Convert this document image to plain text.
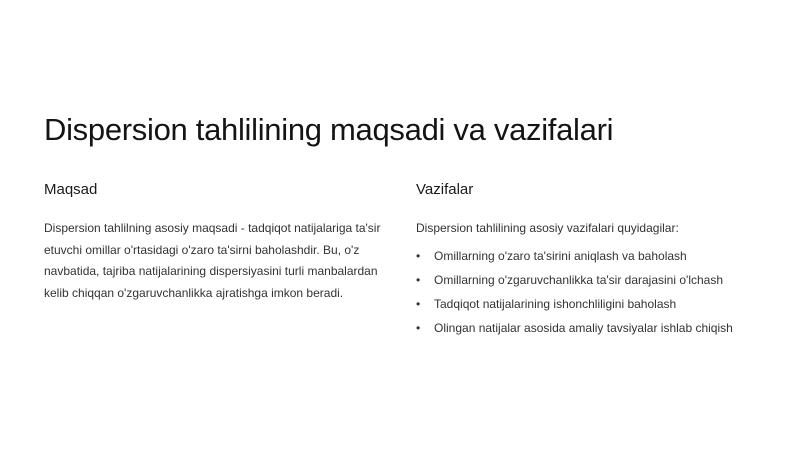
Dispersion tahlilining maqsadi va vazifalari
Maqsad

Dispersion tahlilning asosiy maqsadi - tadqiqot natijalariga ta'sir etuvchi omillar o'rtasidagi o'zaro ta'sirni baholashdir. Bu, o'z navbatida, tajriba natijalarining dispersiyasini turli manbalardan kelib chiqqan o'zgaruvchanlikka ajratishga imkon beradi.

Vazifalar

Dispersion tahlilining asosiy vazifalari quyidagilar:

• Omillarning o'zaro ta'sirini aniqlash va baholash
• Omillarning o'zgaruvchanlikka ta'sir darajasini o'lchash
• Tadqiqot natijalarining ishonchliligini baholash
• Olingan natijalar asosida amaliy tavsiyalar ishlab chiqish
